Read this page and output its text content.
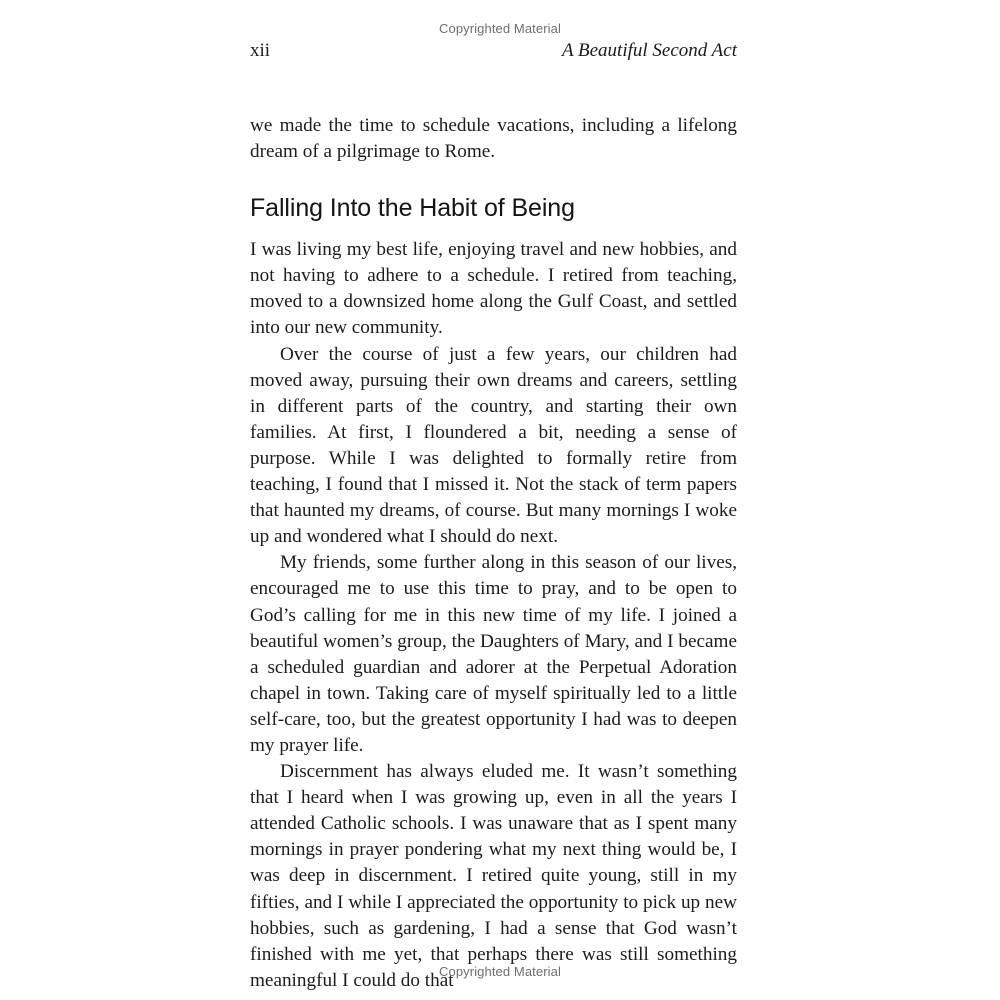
Copyrighted Material
xii	A Beautiful Second Act

we made the time to schedule vacations, including a lifelong dream of a pilgrimage to Rome.

Falling Into the Habit of Being

I was living my best life, enjoying travel and new hobbies, and not having to adhere to a schedule. I retired from teaching, moved to a downsized home along the Gulf Coast, and settled into our new community.

Over the course of just a few years, our children had moved away, pursuing their own dreams and careers, settling in different parts of the country, and starting their own families. At first, I floundered a bit, needing a sense of purpose. While I was delighted to formally retire from teaching, I found that I missed it. Not the stack of term papers that haunted my dreams, of course. But many mornings I woke up and wondered what I should do next.

My friends, some further along in this season of our lives, encouraged me to use this time to pray, and to be open to God’s calling for me in this new time of my life. I joined a beautiful women’s group, the Daughters of Mary, and I became a scheduled guardian and adorer at the Perpetual Adoration chapel in town. Taking care of myself spiritually led to a little self-care, too, but the greatest opportunity I had was to deepen my prayer life.

Discernment has always eluded me. It wasn’t something that I heard when I was growing up, even in all the years I attended Catholic schools. I was unaware that as I spent many mornings in prayer pondering what my next thing would be, I was deep in discernment. I retired quite young, still in my fifties, and I while I appreciated the opportunity to pick up new hobbies, such as gardening, I had a sense that God wasn’t finished with me yet, that perhaps there was still something meaningful I could do that

Copyrighted Material
